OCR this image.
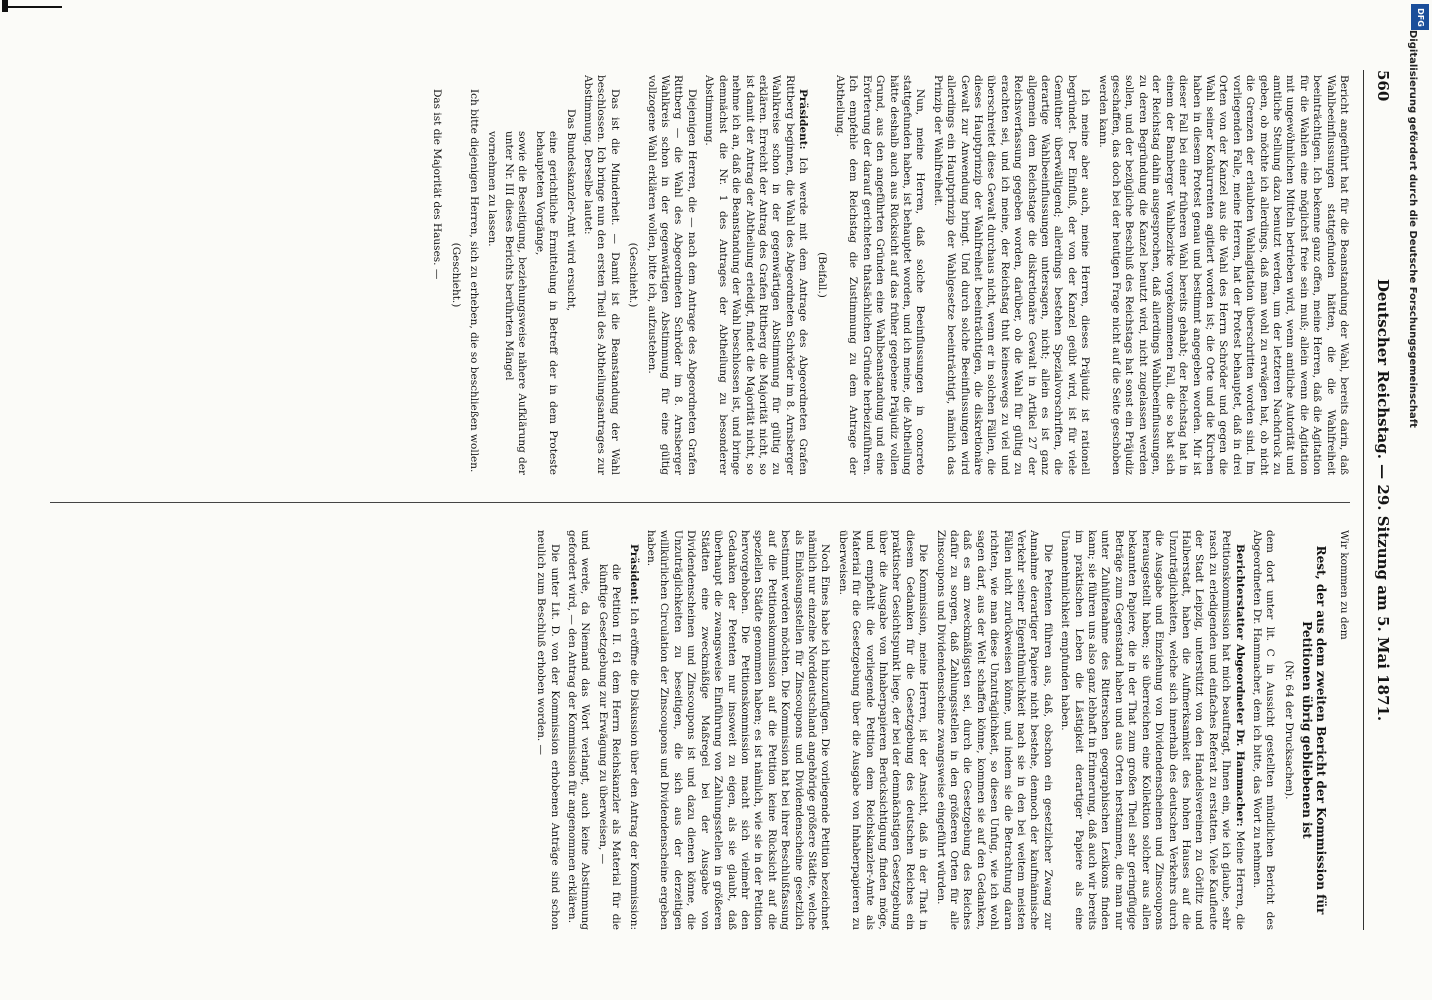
560
Deutscher Reichstag. — 29. Sitzung am 5. Mai 1871.

Bericht angeführt hat für die Beanstandung der Wahl, bereits darin, daß Wahlbeeinflussungen stattgefunden hätten, die die Wahlfreiheit beeinträchtigen. Ich bekenne ganz offen, meine Herren, daß die Agitation für die Wahlen eine möglichst freie sein muß; allein wenn die Agitation mit ungewöhnlichen Mitteln betrieben wird, wenn amtliche Autorität und amtliche Stellung dazu benutzt werden, um der letzteren Nachdruck zu geben, ob möchte ich allerdings, daß man wohl zu erwägen hat, ob nicht die Grenzen der erlaubten Wahlagitation überschritten worden sind. Im vorliegenden Falle, meine Herren, hat der Protest behauptet, daß in drei Orten von der Kanzel aus die Wahl des Herrn Schröder und gegen die Wahl seiner Konkurrenten agitiert worden ist; die Orte und die Kirchen haben in diesem Protest genau und bestimmt angegeben worden. Mir ist dieser Fall bei einer früheren Wahl bereits gehabt; der Reichstag hat in einem der Bamberger Wahlbezirke vorgekommenen Fall, die so bat sich der Reichstag dahin ausgesprochen, daß allerdings Wahlbeeinflussungen, zu deren Begründung die Kanzel benutzt wird, nicht zugelassen werden sollen, und der bezügliche Beschluß des Reichstags hat sonst ein Präjudiz geschaffen, das doch bei der heutigen Frage nicht auf die Seite geschoben werden kann.

Ich meine aber auch, meine Herren, dieses Präjudiz ist rationell begründet. Der Einfluß, der von der Kanzel geübt wird, ist für viele Gemüther überwältigend; allerdings bestehen Spezialvorschriften, die derartige Wahlbeeinflussungen untersagen, nicht; allein es ist ganz allgemein dem Reichstage die diskretionäre Gewalt in Artikel 27 der Reichsverfassung gegeben worden, darüber, ob die Wahl für gültig zu erachten sei, und ich meine, der Reichstag thut keineswegs zu viel und überschreitet diese Gewalt durchaus nicht, wenn er in solchen Fällen, die dieses Hauptprinzip der Wahlfreiheit beeinträchtigen, die diskretionäre Gewalt zur Anwendung bringt. Und durch solche Beeinflussungen wird allerdings ein Hauptprinzip der Wahlgesetze beeinträchtigt, nämlich das Prinzip der Wahlfreiheit.

Nun, meine Herren, daß solche Beeinflussungen in concreto stattgefunden haben, ist behauptet worden, und ich meine, die Abtheilung hätte deshalb auch aus Rücksicht auf das früher gegebene Präjudiz vollen Grund, aus den angeführten Gründen eine Wahlbeanstandung und eine Erörterung der darauf gerichteten thatsächlichen Gründe herbeizuführen. Ich empfehle dem Reichstag die Zustimmung zu dem Antrage der Abtheilung.

(Beifall.)

Präsident: Ich werde mit dem Antrage des Abgeordneten Grafen Rittberg beginnen, die Wahl des Abgeordneten Schröder im 8. Arnsberger Wahlkreise schon in der gegenwärtigen Abstimmung für gültig zu erklären. Erreicht der Antrag des Grafen Rittberg die Majorität nicht, so ist damit der Antrag der Abtheilung erledigt, findet die Majorität nicht, so nehme ich an, daß die Beanstandung der Wahl beschlossen ist, und bringe demnächst die Nr. 1 des Antrages der Abtheilung zu besonderer Abstimmung.

Diejenigen Herren, die — nach dem Antrage des Abgeordneten Grafen Rittberg — die Wahl des Abgeordneten Schröder im 8. Arnsberger Wahlkreis schon in der gegenwärtigen Abstimmung für eine gültig vollzogene Wahl erklären wollen, bitte ich, aufzustehen.

(Geschieht.)

Das ist die Minderheit. — Damit ist die Beanstandung der Wahl beschlossen. Ich bringe nun den ersten Theil des Abtheilungsantrages zur Abstimmung. Derselbe lautet:

Das Bundeskanzler-Amt wird ersucht,

eine gerichtliche Ermittelung in Betreff der in dem Proteste behaupteten Vorgänge,

sowie die Beseitigung, beziehungsweise nähere Aufklärung der unter Nr. III dieses Berichts berührten Mängel

vornehmen zu lassen.

Ich bitte diejenigen Herren, sich zu erheben, die so beschließen wollen.

(Geschieht.)

Das ist die Majorität des Hauses. —

Wir kommen zu dem

Rest, der aus dem zweiten Bericht der Kommission für Petitionen übrig gebliebenen ist

(Nr. 64 der Drucksachen).

dem dort unter lit. C in Aussicht gestellten mündlichen Bericht des Abgeordneten Dr. Hammacher, dem ich bitte, das Wort zu nehmen.

Berichterstatter Abgeordneter Dr. Hammacher: Meine Herren, die Petitionskommission hat mich beauftragt, Ihnen ein, wie ich glaube, sehr rasch zu erledigenden und einfaches Referat zu erstatten. Viele Kaufleute der Stadt Leipzig, unterstützt von den Handelsvereinen zu Görlitz und Halberstadt, haben die Aufmerksamkeit des hohen Hauses auf die Unzuträglichkeiten, welche sich innerhalb des deutschen Verkehrs durch die Ausgabe und Einziehung von Dividendenscheinen und Zinscoupons herausgestellt haben; sie überreichen eine Kollektion solcher aus allen bekannten Papiere, die in der That zum großen Theil sehr geringfügige Beträge zum Gegenstand haben und aus Orten herstammen, die man nur unter Zuhülfenahme des Ritterschen geographischen Lexikons finden kann; sie führen uns also ganz lebhaft in Erinnerung, daß auch wir bereits im praktischen Leben die Lästigkeit derartiger Papiere als eine Unannehmlichkeit empfunden haben.

Die Petenten führen aus, daß, obschon ein gesetzlicher Zwang zur Annahme derartiger Papiere nicht bestehe, dennoch der kaufmännische Verkehr seiner Eigenthümlichkeit nach sie in den bei weitem meisten Fällen nicht zurückweisen könne, und indem sie die Betrachtung daran richten, wie man diese Unzuträglichkeit, so diesen Unfug, wie ich wohl sagen darf, aus der Welt schaffen könne, kommen sie auf den Gedanken, daß es am zweckmäßigsten sei, durch die Gesetzgebung des Reiches dafür zu sorgen, daß Zahlungsstellen in den größeren Orten für alle Zinscoupons und Dividendenscheine zwangsweise eingeführt würden.

Die Kommission, meine Herren, ist der Ansicht, daß in der That in diesem Gedanken für die Gesetzgebung des deutschen Reiches ein praktischer Gesichtspunkt liege, der bei der demnächstigen Gesetzgebung über die Ausgabe von Inhaberpapieren Berücksichtigung finden möge, und empfiehlt die vorliegende Petition dem Reichskanzler-Amte als Material für die Gesetzgebung über die Ausgabe von Inhaberpapieren zu überweisen.

Noch Eines habe ich hinzuzufügen. Die vorliegende Petition bezeichnet nämlich nur einzelne Norddeutschland angehörige größere Städte, welche als Einlösungsstellen für Zinscoupons und Dividendenscheine gesetzlich bestimmt werden möchten. Die Kommission hat bei ihrer Beschlußfassung auf die Petitionskommission auf die Petition keine Rücksicht auf die speziellen Städte genommen haben; es ist nämlich, wie sie in der Petition hervorgehoben. Die Petitionskommission macht sich vielmehr den Gedanken der Petenten nur insoweit zu eigen, als sie glaubt, daß überhaupt die zwangsweise Einführung von Zahlungsstellen in größeren Städten eine zweckmäßige Maßregel bei der Ausgabe von Dividendenscheinen und Zinscoupons ist und dazu dienen könne, die Unzuträglichkeiten zu beseitigen, die sich aus der derzeitigen willkürlichen Circulation der Zinscoupons und Dividendenscheine ergeben haben.

Präsident: Ich eröffne die Diskussion über den Antrag der Kommission:

die Petition II. 61 dem Herrn Reichskanzler als Material für die künftige Gesetzgebung zur Erwägung zu überweisen, —

und werde, da Niemand das Wort verlangt, auch keine Abstimmung gefordert wird, — den Antrag der Kommission für angenommen erklären.

Die unter Lit. D. von der Kommission erhobenen Anträge sind schon neulich zum Beschluß erhoben worden. —

DFG
Digitalisierung gefördert durch die Deutsche Forschungsgemeinschaft
